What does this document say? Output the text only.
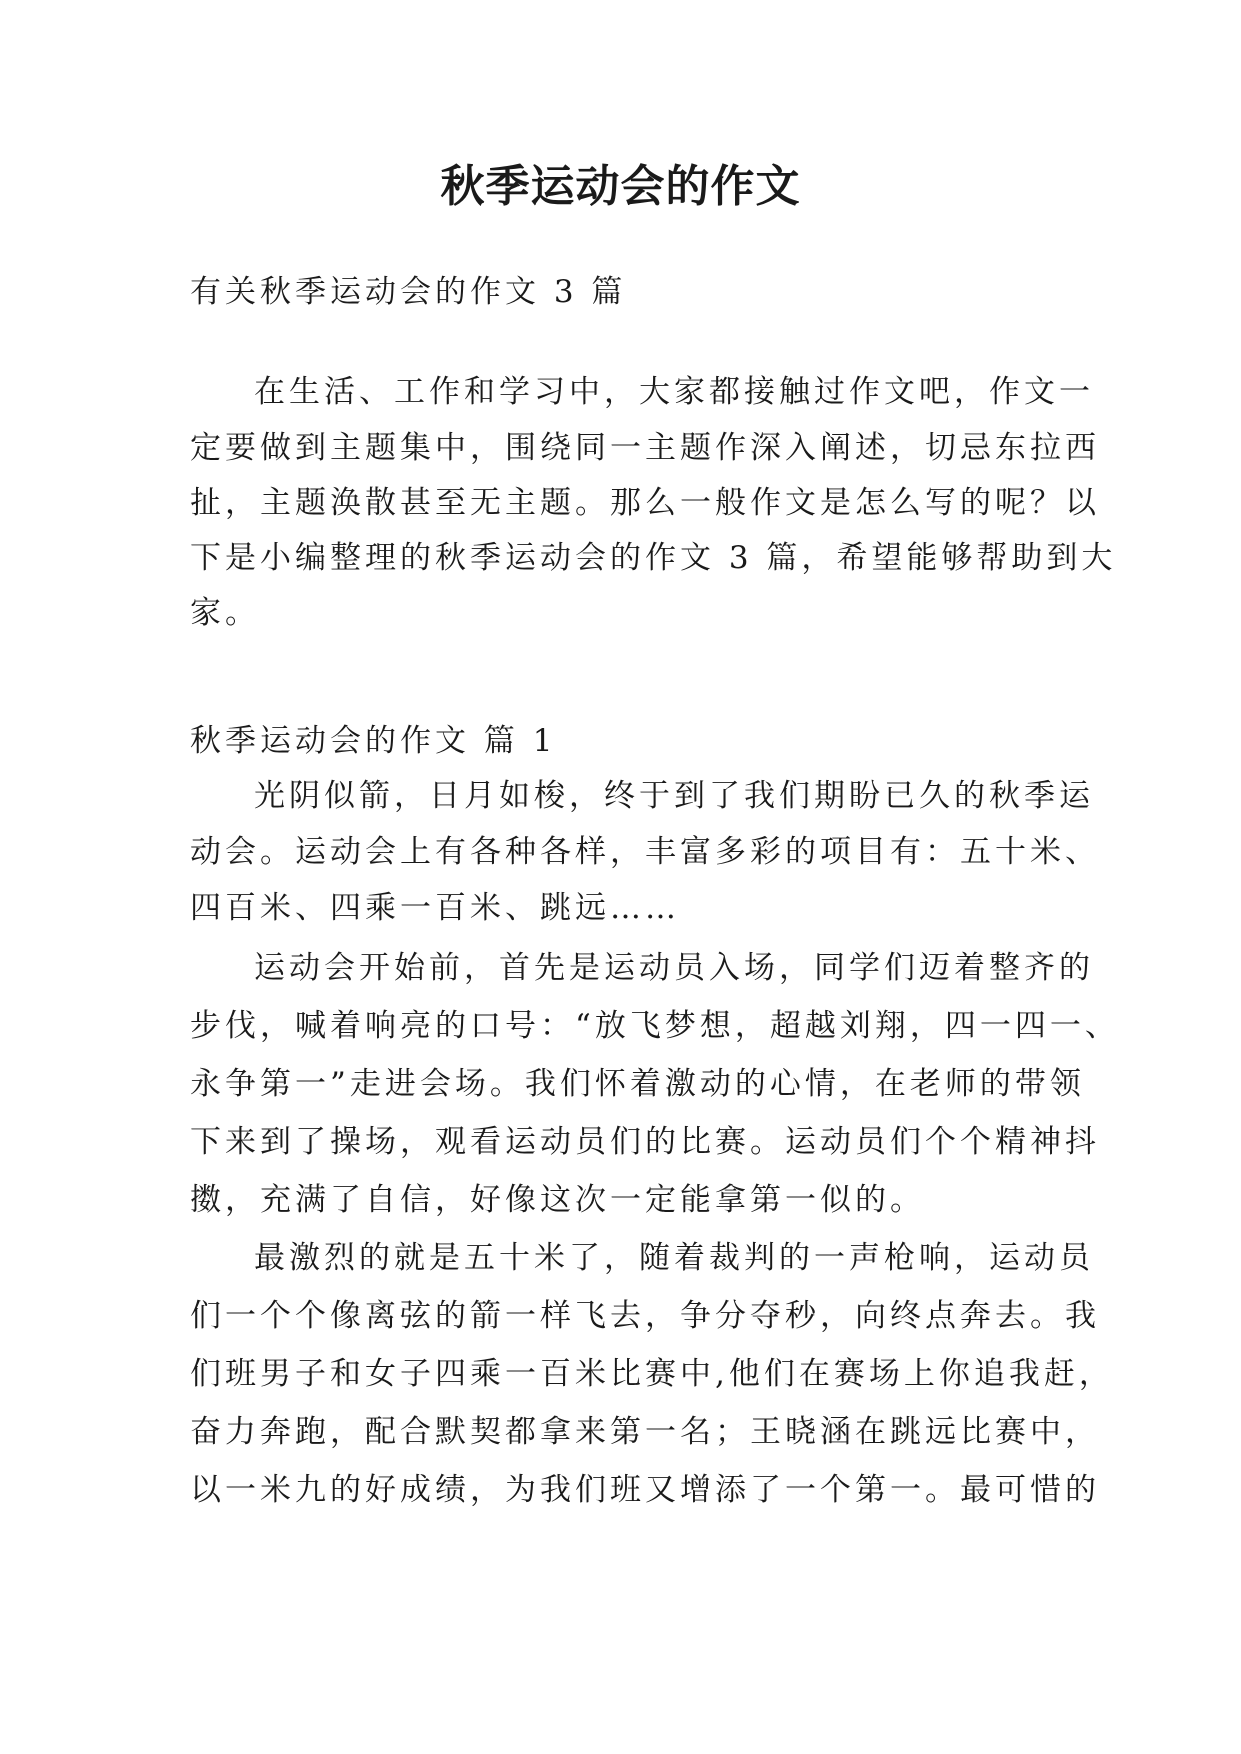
秋季运动会的作文

有关秋季运动会的作文 3 篇

在生活、工作和学习中，大家都接触过作文吧，作文一

定要做到主题集中，围绕同一主题作深入阐述，切忌东拉西

扯，主题涣散甚至无主题。那么一般作文是怎么写的呢？以

下是小编整理的秋季运动会的作文 3 篇，希望能够帮助到大

家。

秋季运动会的作文 篇 1

光阴似箭，日月如梭，终于到了我们期盼已久的秋季运

动会。运动会上有各种各样，丰富多彩的项目有：五十米、

四百米、四乘一百米、跳远……

运动会开始前，首先是运动员入场，同学们迈着整齐的

步伐，喊着响亮的口号：“放飞梦想，超越刘翔，四一四一、

永争第一”走进会场。我们怀着激动的心情，在老师的带领

下来到了操场，观看运动员们的比赛。运动员们个个精神抖

擞，充满了自信，好像这次一定能拿第一似的。

最激烈的就是五十米了，随着裁判的一声枪响，运动员

们一个个像离弦的箭一样飞去，争分夺秒，向终点奔去。我

们班男子和女子四乘一百米比赛中,他们在赛场上你追我赶，

奋力奔跑，配合默契都拿来第一名；王晓涵在跳远比赛中，

以一米九的好成绩，为我们班又增添了一个第一。最可惜的
